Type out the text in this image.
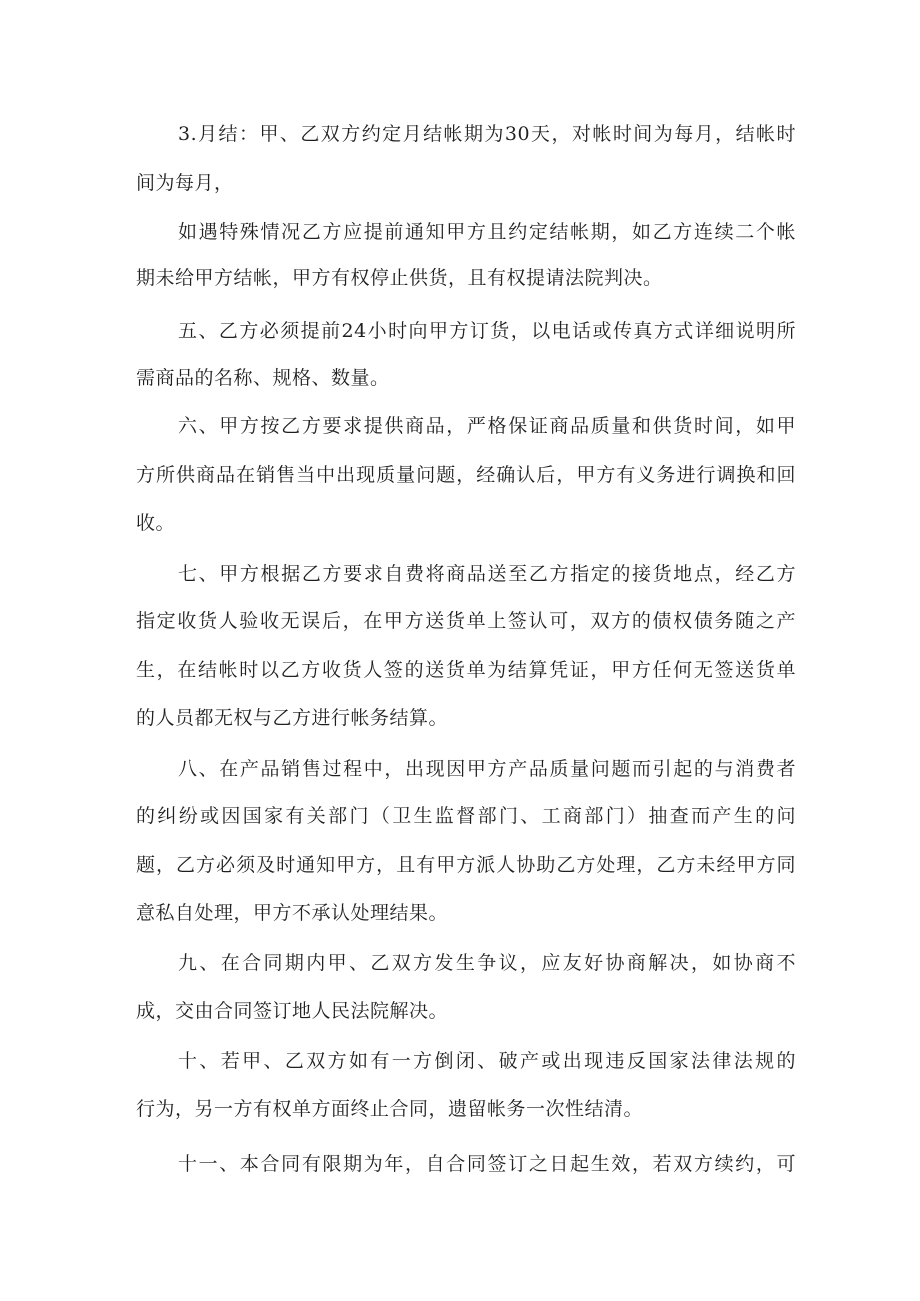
3.月结：甲、乙双方约定月结帐期为30天，对帐时间为每月，结帐时
间为每月，
如遇特殊情况乙方应提前通知甲方且约定结帐期，如乙方连续二个帐
期未给甲方结帐，甲方有权停止供货，且有权提请法院判决。
五、乙方必须提前24小时向甲方订货，以电话或传真方式详细说明所
需商品的名称、规格、数量。
六、甲方按乙方要求提供商品，严格保证商品质量和供货时间，如甲
方所供商品在销售当中出现质量问题，经确认后，甲方有义务进行调换和回
收。
七、甲方根据乙方要求自费将商品送至乙方指定的接货地点，经乙方
指定收货人验收无误后，在甲方送货单上签认可，双方的债权债务随之产
生，在结帐时以乙方收货人签的送货单为结算凭证，甲方任何无签送货单
的人员都无权与乙方进行帐务结算。
八、在产品销售过程中，出现因甲方产品质量问题而引起的与消费者
的纠纷或因国家有关部门（卫生监督部门、工商部门）抽查而产生的问
题，乙方必须及时通知甲方，且有甲方派人协助乙方处理，乙方未经甲方同
意私自处理，甲方不承认处理结果。
九、在合同期内甲、乙双方发生争议，应友好协商解决，如协商不
成，交由合同签订地人民法院解决。
十、若甲、乙双方如有一方倒闭、破产或出现违反国家法律法规的
行为，另一方有权单方面终止合同，遗留帐务一次性结清。
十一、本合同有限期为年，自合同签订之日起生效，若双方续约，可
